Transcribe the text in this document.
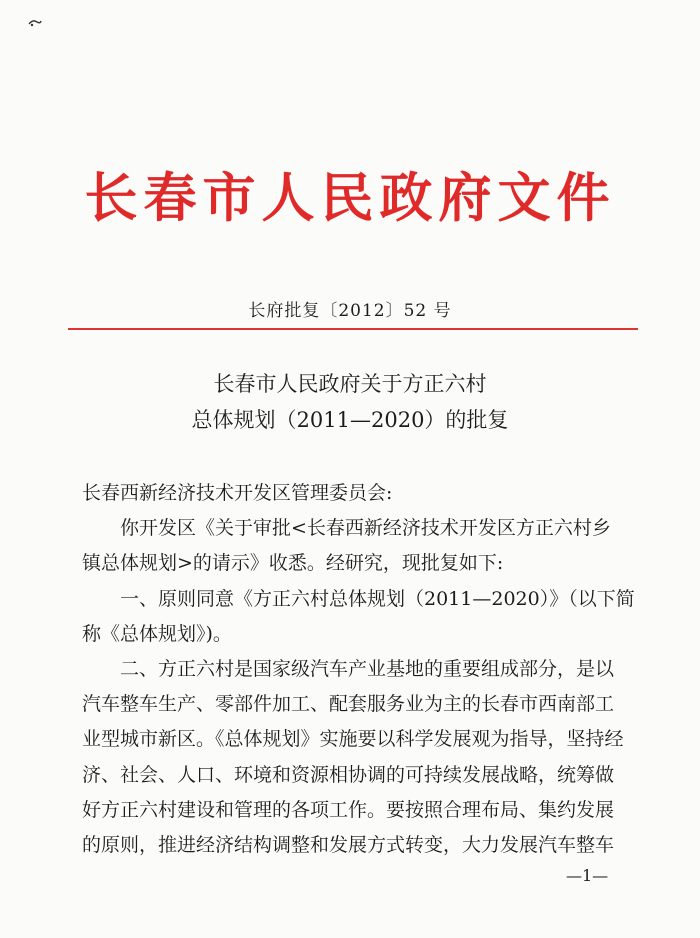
长春市人民政府文件
长府批复〔2012〕52 号
长春市人民政府关于方正六村
总体规划（2011—2020）的批复
长春西新经济技术开发区管理委员会:
你开发区《关于审批<长春西新经济技术开发区方正六村乡
镇总体规划>的请示》收悉。经研究，现批复如下:
一、原则同意《方正六村总体规划（2011—2020）》（以下简
称《总体规划》)。
二、方正六村是国家级汽车产业基地的重要组成部分，是以
汽车整车生产、零部件加工、配套服务业为主的长春市西南部工
业型城市新区。《总体规划》实施要以科学发展观为指导，坚持经
济、社会、人口、环境和资源相协调的可持续发展战略，统筹做
好方正六村建设和管理的各项工作。要按照合理布局、集约发展
的原则，推进经济结构调整和发展方式转变，大力发展汽车整车
—1—
